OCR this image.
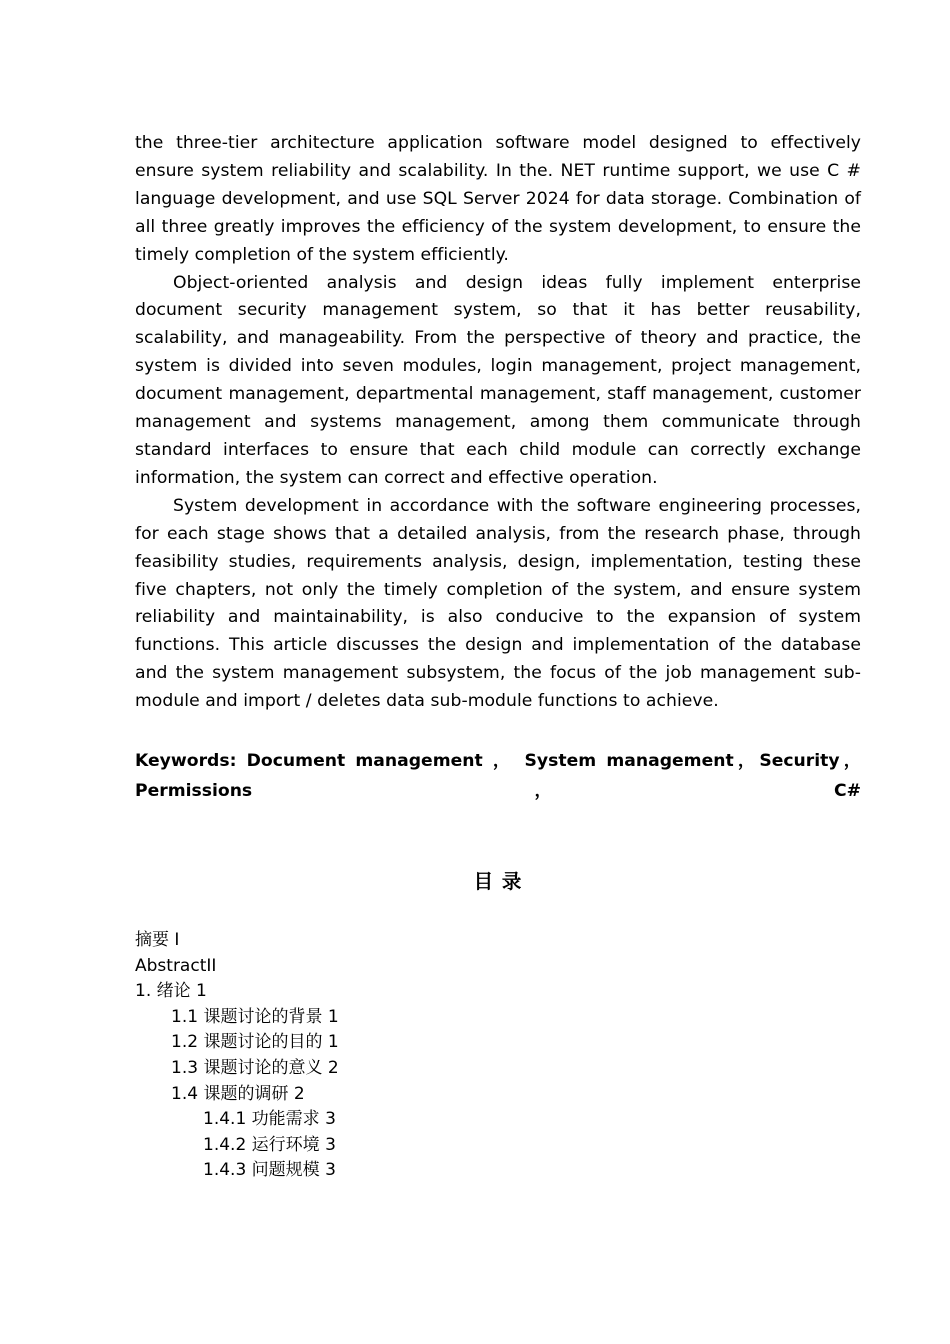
the three-tier architecture application software model designed to effectively ensure system reliability and scalability. In the. NET runtime support, we use C # language development, and use SQL Server 2024 for data storage. Combination of all three greatly improves the efficiency of the system development, to ensure the timely completion of the system efficiently.

Object-oriented analysis and design ideas fully implement enterprise document security management system, so that it has better reusability, scalability, and manageability. From the perspective of theory and practice, the system is divided into seven modules, login management, project management, document management, departmental management, staff management, customer management and systems management, among them communicate through standard interfaces to ensure that each child module can correctly exchange information, the system can correct and effective operation.

System development in accordance with the software engineering processes, for each stage shows that a detailed analysis, from the research phase, through feasibility studies, requirements analysis, design, implementation, testing these five chapters, not only the timely completion of the system, and ensure system reliability and maintainability, is also conducive to the expansion of system functions. This article discusses the design and implementation of the database and the system management subsystem, the focus of the job management sub-module and import / deletes data sub-module functions to achieve.

Keywords: Document management ， System management，Security，Permissions，C#

目 录
摘要 I
AbstractII
1. 绪论 1
1.1 课题讨论的背景 1
1.2 课题讨论的目的 1
1.3 课题讨论的意义 2
1.4 课题的调研 2
1.4.1 功能需求 3
1.4.2 运行环境 3
1.4.3 问题规模 3
